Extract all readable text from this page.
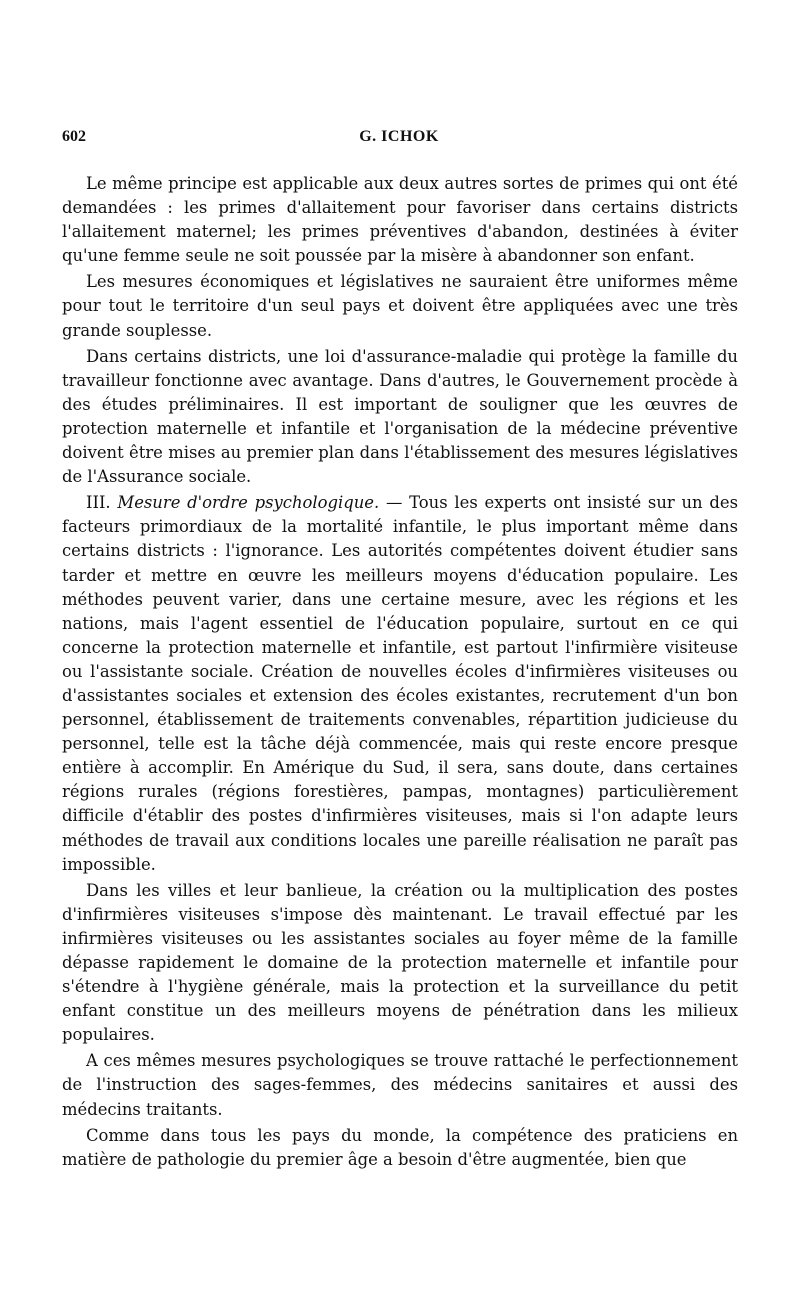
602	G. ICHOK

Le même principe est applicable aux deux autres sortes de primes qui ont été demandées : les primes d'allaitement pour favoriser dans certains districts l'allaitement maternel; les primes préventives d'abandon, destinées à éviter qu'une femme seule ne soit poussée par la misère à abandonner son enfant.

Les mesures économiques et législatives ne sauraient être uniformes même pour tout le territoire d'un seul pays et doivent être appliquées avec une très grande souplesse.

Dans certains districts, une loi d'assurance-maladie qui protège la famille du travailleur fonctionne avec avantage. Dans d'autres, le Gouvernement procède à des études préliminaires. Il est important de souligner que les œuvres de protection maternelle et infantile et l'organisation de la médecine préventive doivent être mises au premier plan dans l'établissement des mesures législatives de l'Assurance sociale.

III. Mesure d'ordre psychologique. — Tous les experts ont insisté sur un des facteurs primordiaux de la mortalité infantile, le plus important même dans certains districts : l'ignorance. Les autorités compétentes doivent étudier sans tarder et mettre en œuvre les meilleurs moyens d'éducation populaire. Les méthodes peuvent varier, dans une certaine mesure, avec les régions et les nations, mais l'agent essentiel de l'éducation populaire, surtout en ce qui concerne la protection maternelle et infantile, est partout l'infirmière visiteuse ou l'assistante sociale. Création de nouvelles écoles d'infirmières visiteuses ou d'assistantes sociales et extension des écoles existantes, recrutement d'un bon personnel, établissement de traitements convenables, répartition judicieuse du personnel, telle est la tâche déjà commencée, mais qui reste encore presque entière à accomplir. En Amérique du Sud, il sera, sans doute, dans certaines régions rurales (régions forestières, pampas, montagnes) particulièrement difficile d'établir des postes d'infirmières visiteuses, mais si l'on adapte leurs méthodes de travail aux conditions locales une pareille réalisation ne paraît pas impossible.

Dans les villes et leur banlieue, la création ou la multiplication des postes d'infirmières visiteuses s'impose dès maintenant. Le travail effectué par les infirmières visiteuses ou les assistantes sociales au foyer même de la famille dépasse rapidement le domaine de la protection maternelle et infantile pour s'étendre à l'hygiène générale, mais la protection et la surveillance du petit enfant constitue un des meilleurs moyens de pénétration dans les milieux populaires.

A ces mêmes mesures psychologiques se trouve rattaché le perfectionnement de l'instruction des sages-femmes, des médecins sanitaires et aussi des médecins traitants.

Comme dans tous les pays du monde, la compétence des praticiens en matière de pathologie du premier âge a besoin d'être augmentée, bien que
